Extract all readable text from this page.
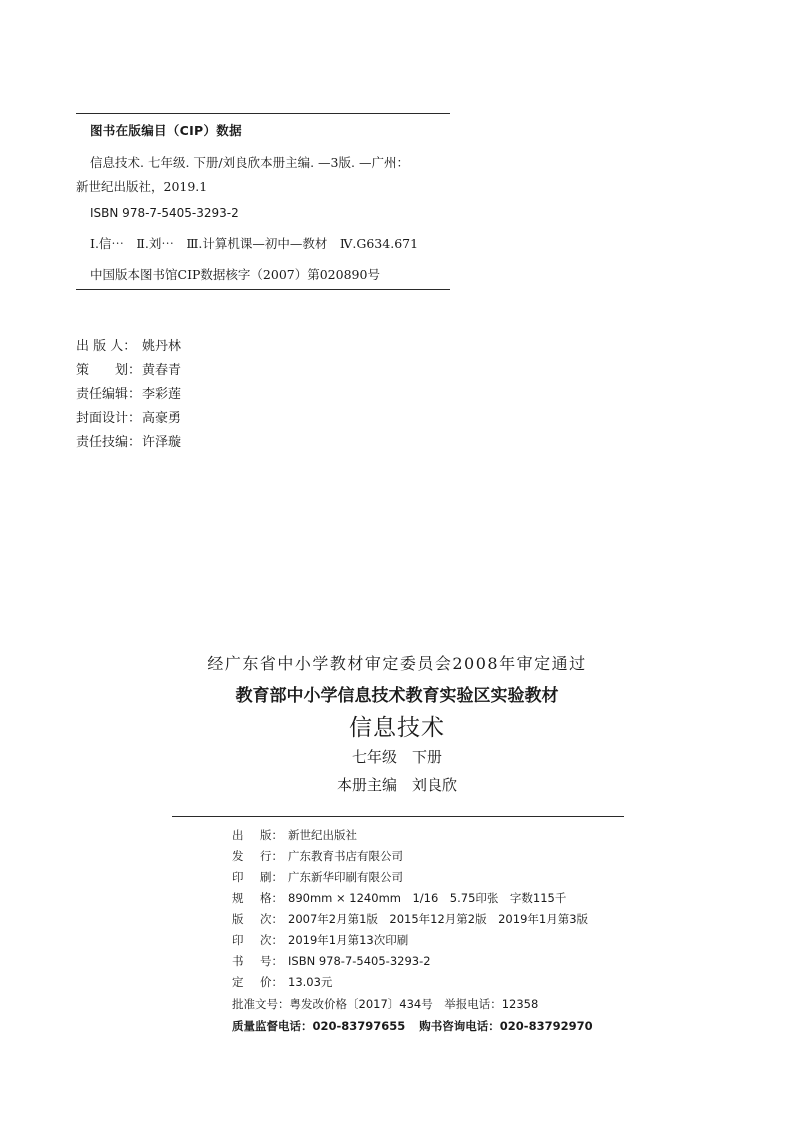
图书在版编目（CIP）数据
信息技术. 七年级. 下册/刘良欣本册主编. —3版. —广州：
新世纪出版社，2019.1
ISBN 978-7-5405-3293-2
Ⅰ.信⋯　Ⅱ.刘⋯　Ⅲ.计算机课—初中—教材　Ⅳ.G634.671
中国版本图书馆CIP数据核字（2007）第020890号
出 版 人： 姚丹林
策　　划：黄春青
责任编辑：李彩莲
封面设计：高豪勇
责任技编：许泽璇
经广东省中小学教材审定委员会2008年审定通过
教育部中小学信息技术教育实验区实验教材
信息技术
七年级　下册
本册主编　刘良欣
出 版： 新世纪出版社
发 行： 广东教育书店有限公司
印 刷： 广东新华印刷有限公司
规 格： 890mm × 1240mm　1/16　5.75印张　字数115千
版 次： 2007年2月第1版　2015年12月第2版　2019年1月第3版
印 次： 2019年1月第13次印刷
书 号： ISBN 978-7-5405-3293-2
定 价： 13.03元
批准文号：粤发改价格〔2017〕434号　举报电话：12358
质量监督电话：020-83797655 购书咨询电话：020-83792970
